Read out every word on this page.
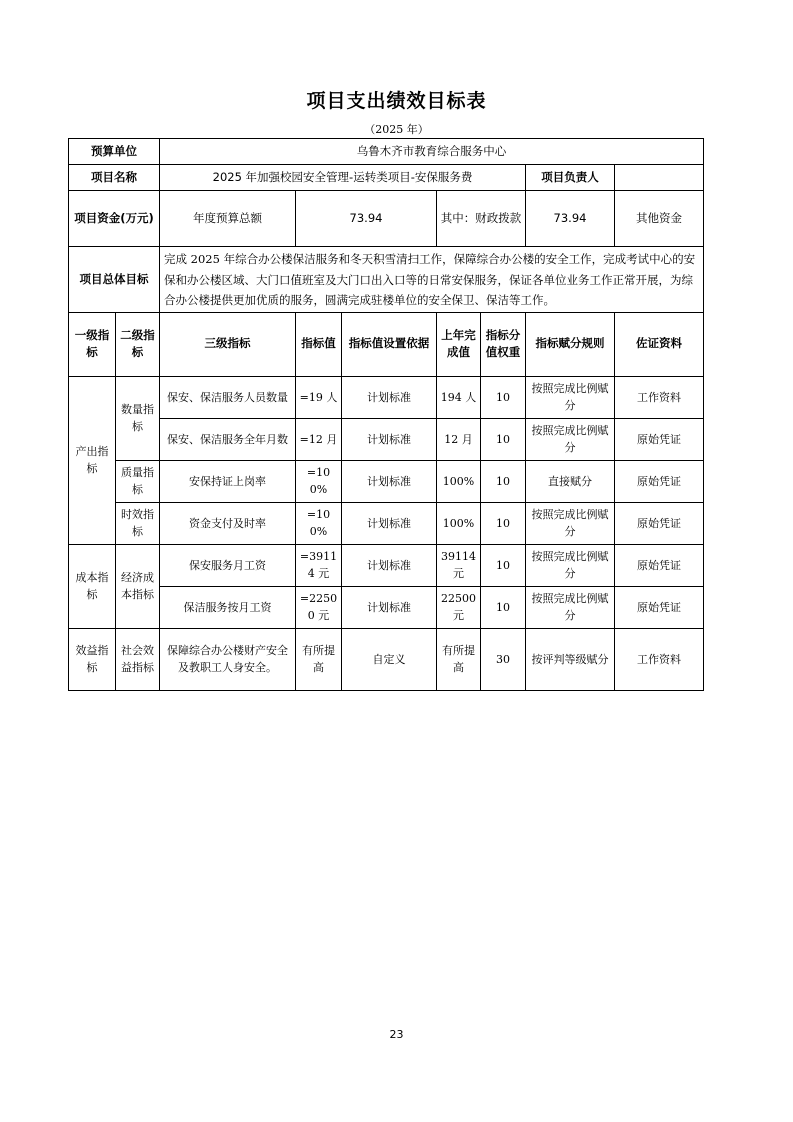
项目支出绩效目标表
（2025 年）
预算单位		乌鲁木齐市教育综合服务中心							
项目名称		2025 年加强校园安全管理-运转类项目-安保服务费					项目负责人		
项目资金(万元)		年度预算总额	73.94		其中：财政拨款		73.94	其他资金	
项目总体目标		完成 2025 年综合办公楼保洁服务和冬天积雪清扫工作，保障综合办公楼的安全工作，完成考试中心的安保和办公楼区域、大门口值班室及大门口出入口等的日常安保服务，保证各单位业务工作正常开展，为综合办公楼提供更加优质的服务，圆满完成驻楼单位的安全保卫、保洁等工作。							
一级指标	二级指标	三级指标	指标值	指标值设置依据	上年完成值	指标分值权重	指标赋分规则	佐证资料	
产出指标	数量指标	保安、保洁服务人员数量	=19 人	计划标准	194 人	10	按照完成比例赋分	工作资料	
		保安、保洁服务全年月数	=12 月	计划标准	12 月	10	按照完成比例赋分	原始凭证	
	质量指标	安保持证上岗率	=100%	计划标准	100%	10	直接赋分	原始凭证	
	时效指标	资金支付及时率	=100%	计划标准	100%	10	按照完成比例赋分	原始凭证	
成本指标	经济成本指标	保安服务月工资	=39114 元	计划标准	39114 元	10	按照完成比例赋分	原始凭证	
		保洁服务按月工资	=22500 元	计划标准	22500 元	10	按照完成比例赋分	原始凭证	
效益指标	社会效益指标	保障综合办公楼财产安全及教职工人身安全。	有所提高	自定义	有所提高	30	按评判等级赋分	工作资料	
23
